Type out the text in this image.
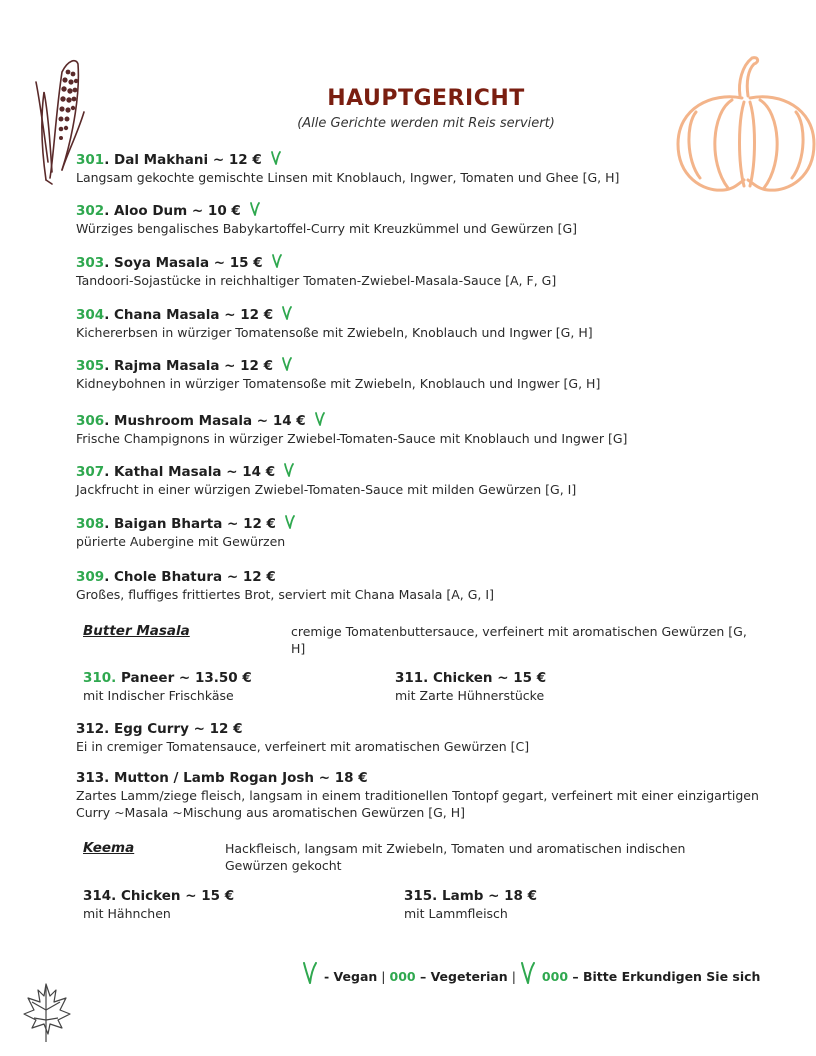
HAUPTGERICHT
(Alle Gerichte werden mit Reis serviert)
301. Dal Makhani ~ 12 €
Langsam gekochte gemischte Linsen mit Knoblauch, Ingwer, Tomaten und Ghee [G, H]
302. Aloo Dum ~ 10 €
Würziges bengalisches Babykartoffel-Curry mit Kreuzkümmel und Gewürzen [G]
303. Soya Masala ~ 15 €
Tandoori-Sojastücke in reichhaltiger Tomaten-Zwiebel-Masala-Sauce [A, F, G]
304. Chana Masala ~ 12 €
Kichererbsen in würziger Tomatensoße mit Zwiebeln, Knoblauch und Ingwer [G, H]
305. Rajma Masala ~ 12 €
Kidneybohnen in würziger Tomatensoße mit Zwiebeln, Knoblauch und Ingwer [G, H]
306. Mushroom Masala ~ 14 €
Frische Champignons in würziger Zwiebel-Tomaten-Sauce mit Knoblauch und Ingwer [G]
307. Kathal Masala ~ 14 €
Jackfrucht in einer würzigen Zwiebel-Tomaten-Sauce mit milden Gewürzen [G, I]
308. Baigan Bharta ~ 12 €
pürierte Aubergine mit Gewürzen
309. Chole Bhatura ~ 12 €
Großes, fluffiges frittiertes Brot, serviert mit Chana Masala [A, G, I]
Butter Masala	cremige Tomatenbuttersauce, verfeinert mit aromatischen Gewürzen [G, H]
310. Paneer ~ 13.50 €
mit Indischer Frischkäse
311. Chicken ~ 15 €
mit Zarte Hühnerstücke
312. Egg Curry ~ 12 €
Ei in cremiger Tomatensauce, verfeinert mit aromatischen Gewürzen [C]
313. Mutton / Lamb Rogan Josh ~ 18 €
Zartes Lamm/ziege fleisch, langsam in einem traditionellen Tontopf gegart, verfeinert mit einer einzigartigen Curry ~Masala ~Mischung aus aromatischen Gewürzen [G, H]
Keema	Hackfleisch, langsam mit Zwiebeln, Tomaten und aromatischen indischen Gewürzen gekocht
314. Chicken ~ 15 €
mit Hähnchen
315. Lamb ~ 18 €
mit Lammfleisch
- Vegan | 000 – Vegeterian | 000 – Bitte Erkundigen Sie sich
